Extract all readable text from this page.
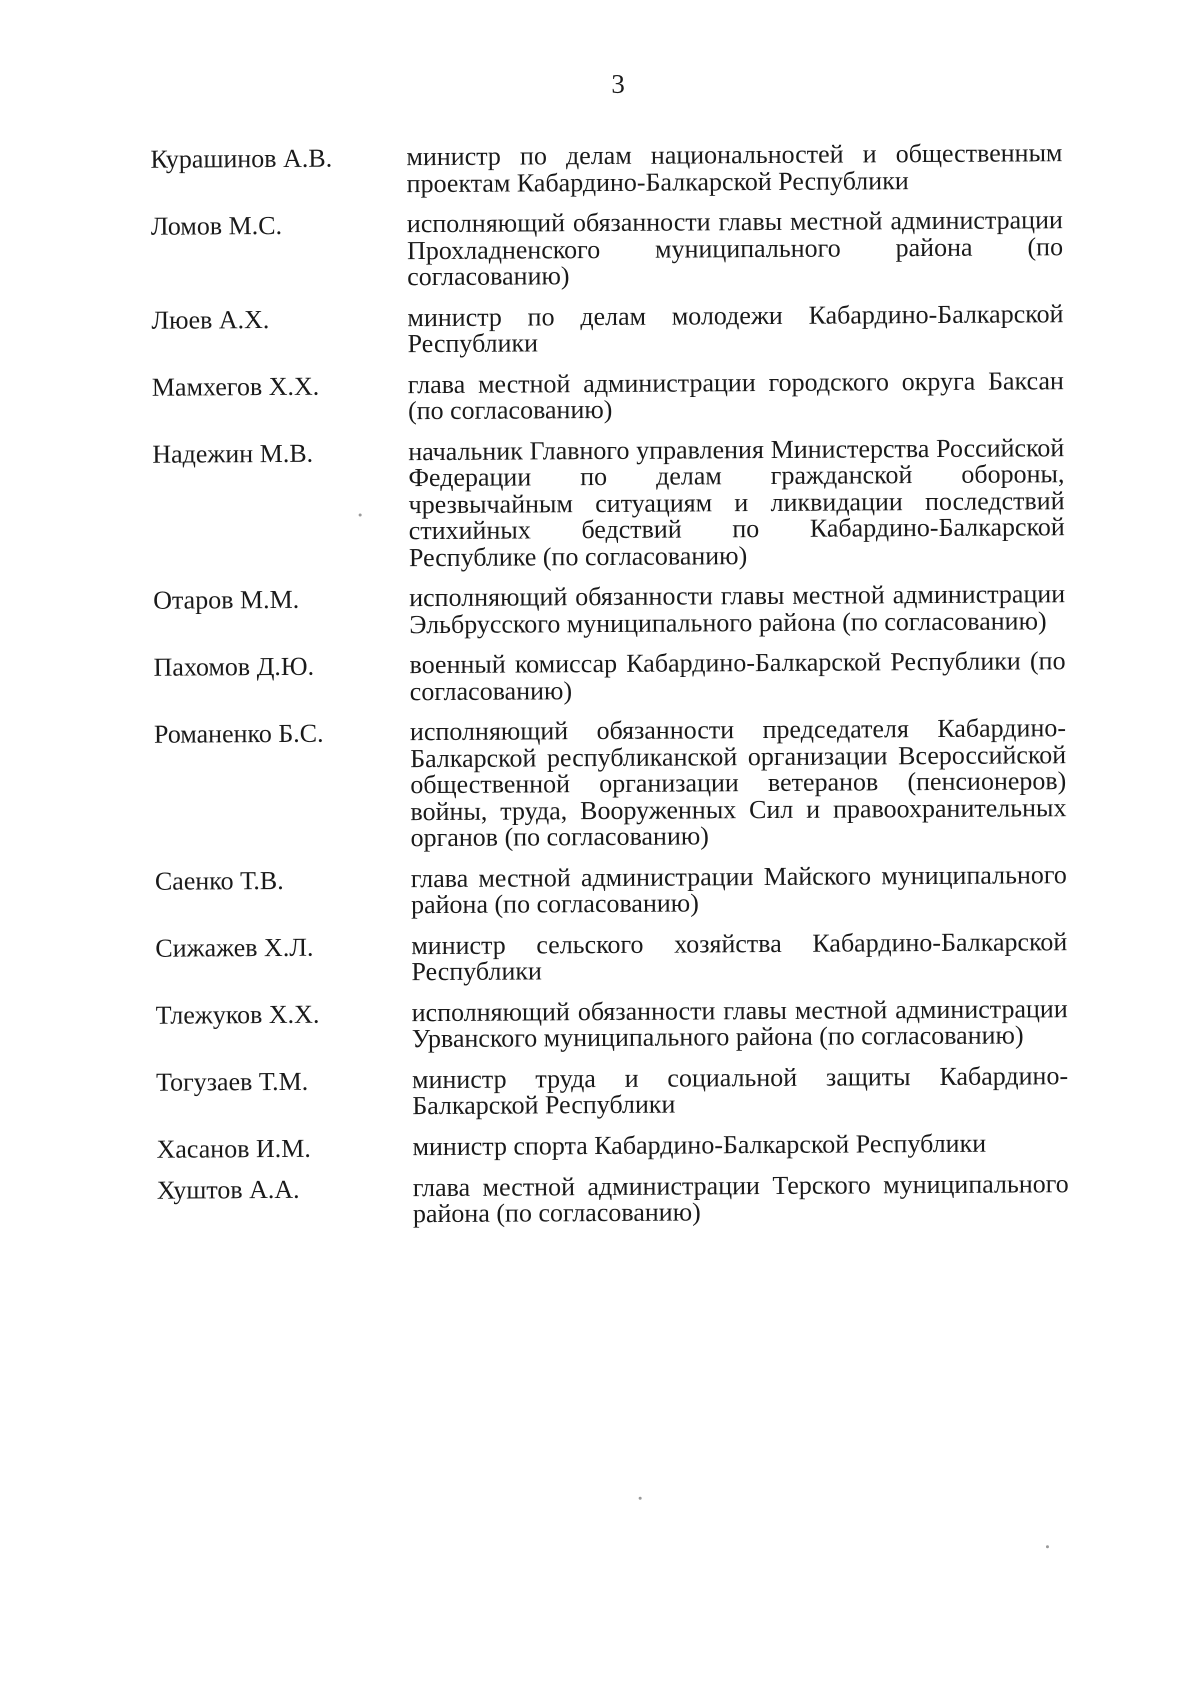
3
Курашинов А.В.	министр по делам национальностей и общественным проектам Кабардино-Балкарской Республики
Ломов М.С.	исполняющий обязанности главы местной администрации Прохладненского муниципального района (по согласованию)
Люев А.Х.	министр по делам молодежи Кабардино-Балкарской Республики
Мамхегов Х.Х.	глава местной администрации городского округа Баксан (по согласованию)
Надежин М.В.	начальник Главного управления Министерства Российской Федерации по делам гражданской обороны, чрезвычайным ситуациям и ликвидации последствий стихийных бедствий по Кабардино-Балкарской Республике (по согласованию)
Отаров М.М.	исполняющий обязанности главы местной администрации Эльбрусского муниципального района (по согласованию)
Пахомов Д.Ю.	военный комиссар Кабардино-Балкарской Республики (по согласованию)
Романенко Б.С.	исполняющий обязанности председателя Кабардино-Балкарской республиканской организации Всероссийской общественной организации ветеранов (пенсионеров) войны, труда, Вооруженных Сил и правоохранительных органов (по согласованию)
Саенко Т.В.	глава местной администрации Майского муниципального района (по согласованию)
Сижажев Х.Л.	министр сельского хозяйства Кабардино-Балкарской Республики
Тлежуков Х.Х.	исполняющий обязанности главы местной администрации Урванского муниципального района (по согласованию)
Тогузаев Т.М.	министр труда и социальной защиты Кабардино-Балкарской Республики
Хасанов И.М.	министр спорта Кабардино-Балкарской Республики
Хуштов А.А.	глава местной администрации Терского муниципального района (по согласованию)
